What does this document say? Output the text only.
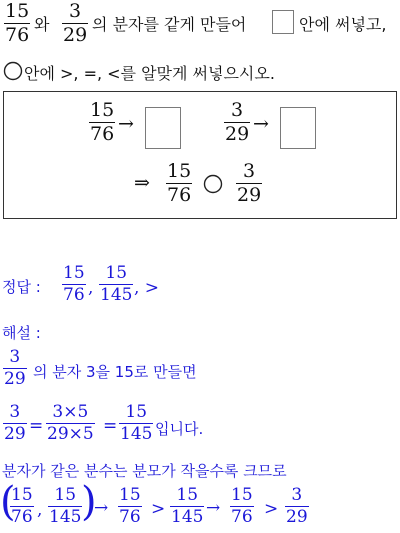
$\frac{15}{76}$ 와 $\frac{3}{29}$ 의 분자를 같게 만들어	안에 써넣고,
안에 >, =, <를 알맞게 써넣으시오.
$\frac{15}{76}$ →	$\frac{3}{29}$ →
⇒ $\frac{15}{76} \frac{3}{29}$
정답 : $\frac{15}{76}$ , $\frac{15}{145}$ , >
해설 :
$\frac{3}{29}$ 의 분자 3을 15로 만들면
$\frac{3}{29} = \frac{3\times 5}{29\times 5} = \frac{15}{145}$ 입니다.
분자가 같은 분수는 분모가 작을수록 크므로
(
$\frac{15}{76}$ , $\frac{15}{145}$
)
→ $\frac{15}{76} > \frac{15}{145} \to \frac{15}{76} > \frac{3}{29}$
